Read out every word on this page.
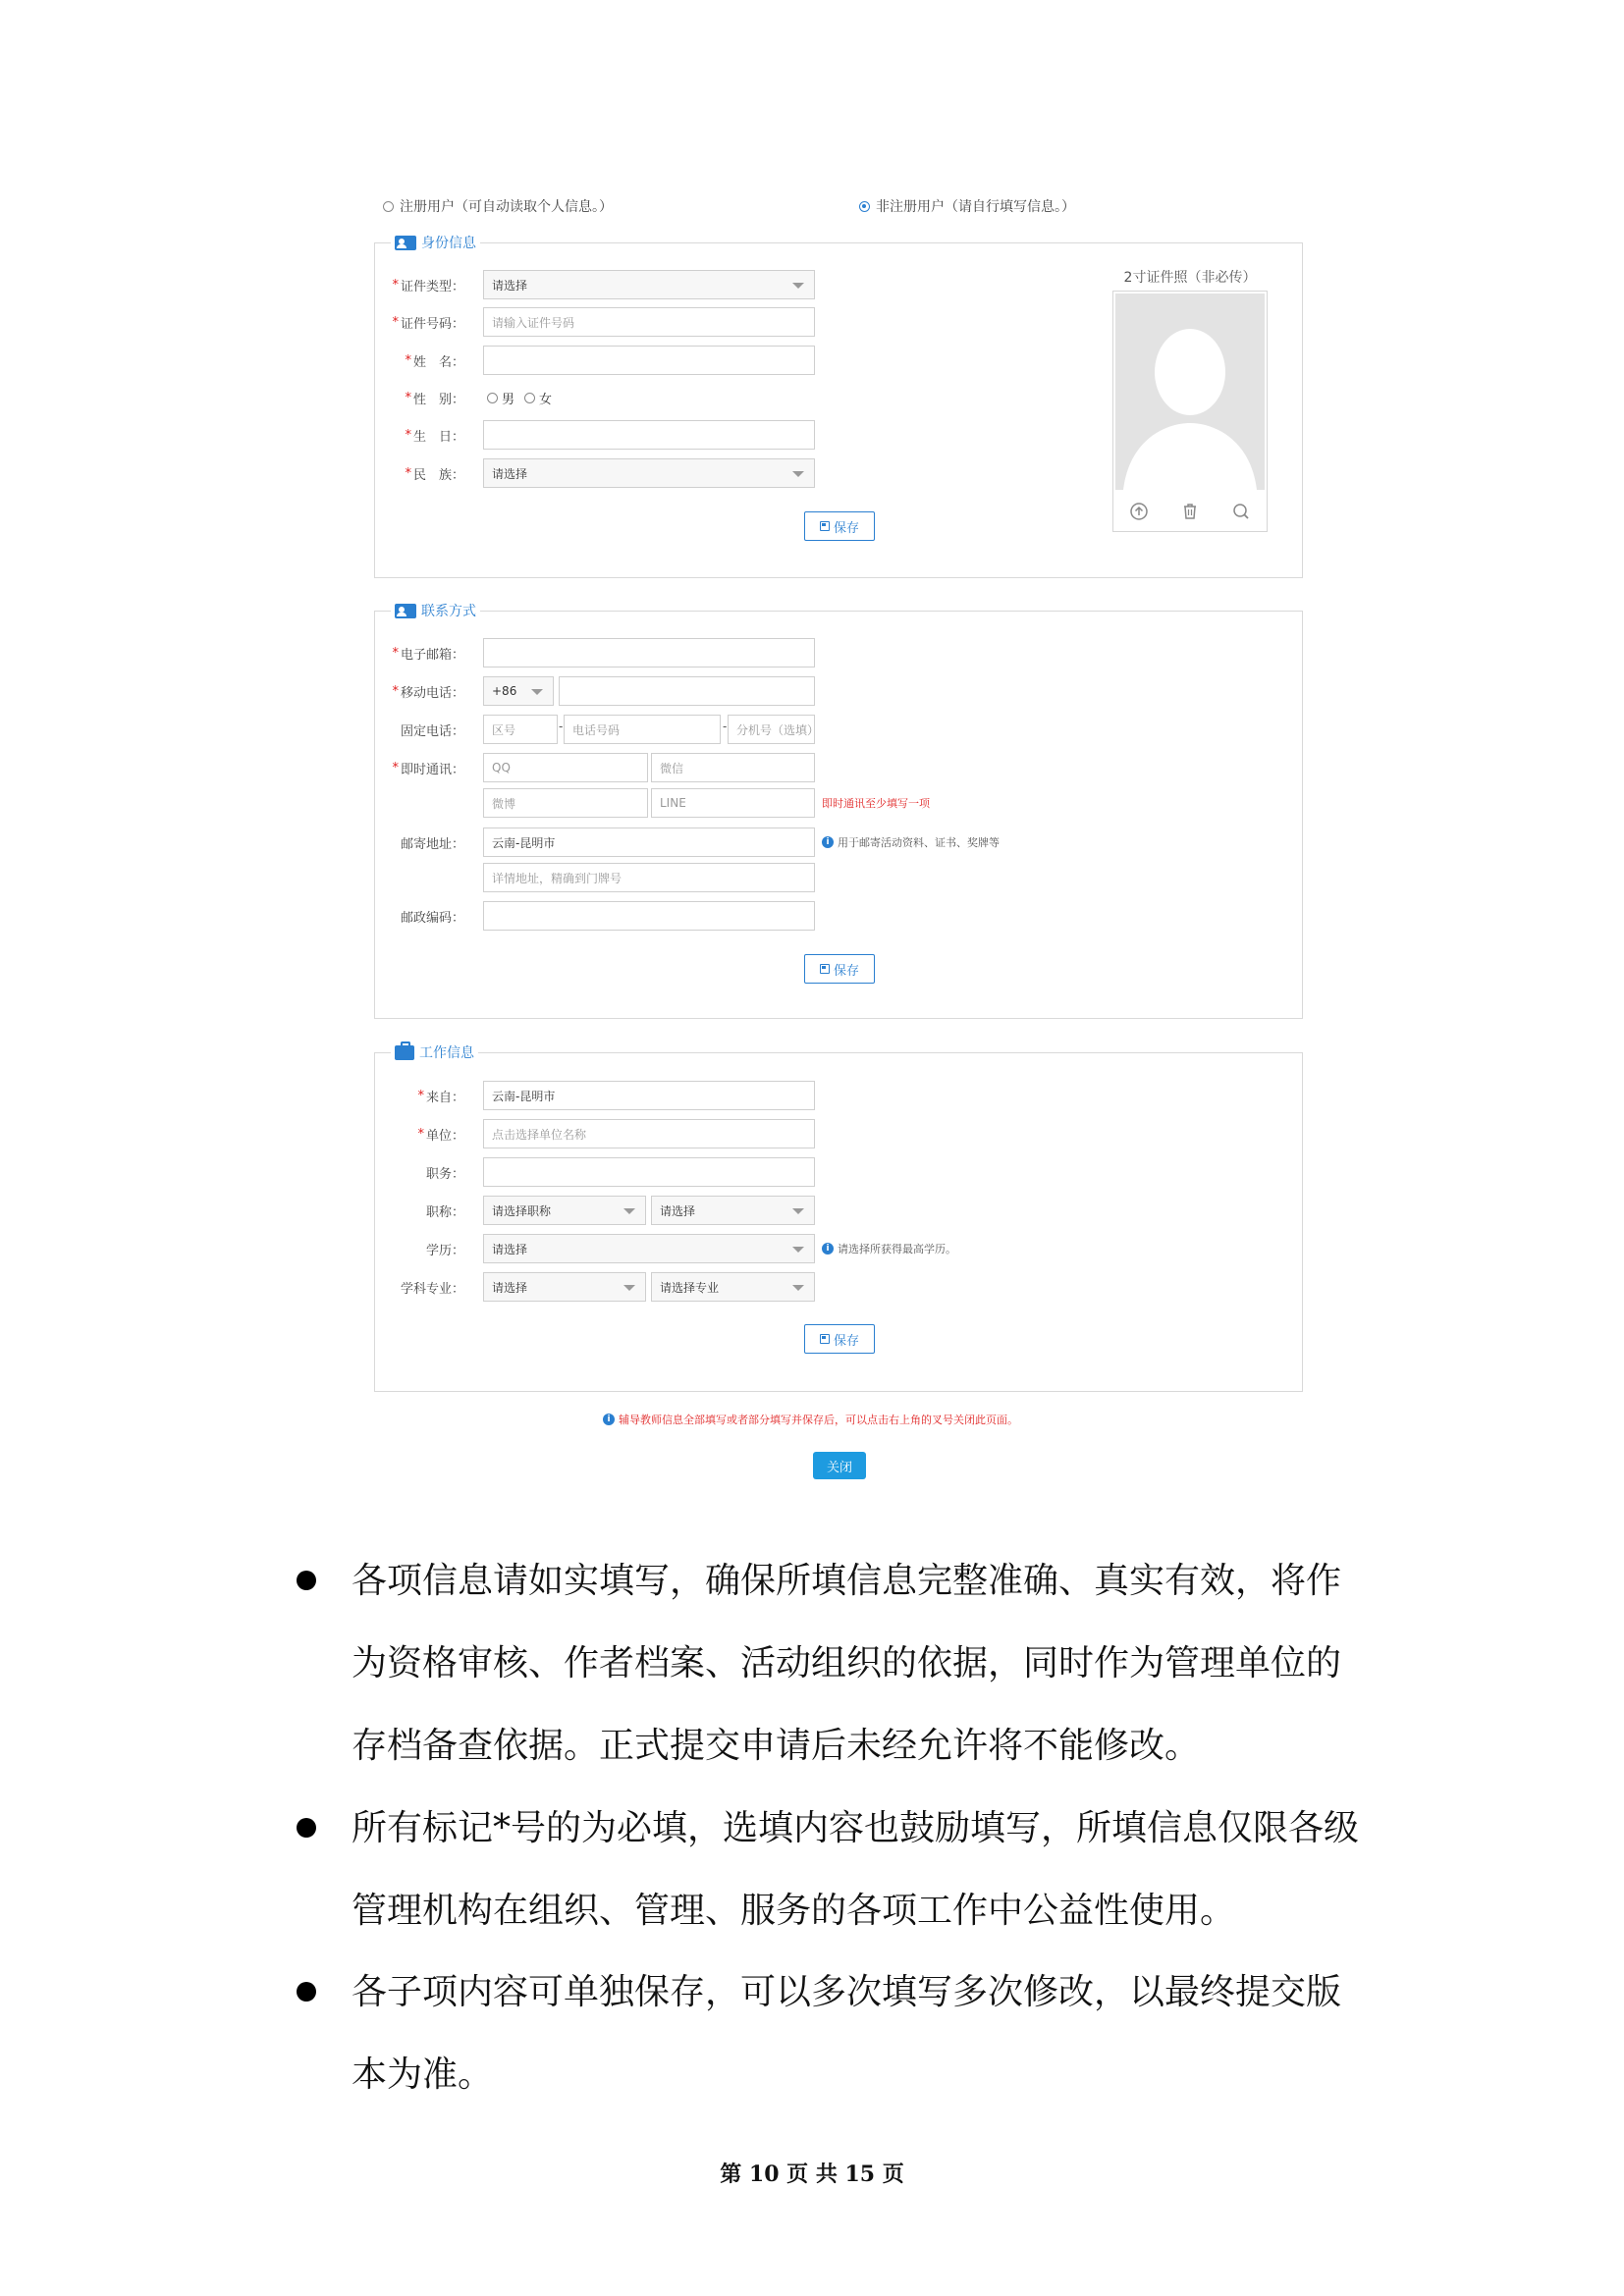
注册用户（可自动读取个人信息。）	非注册用户（请自行填写信息。）
身份信息
* 证件类型：	请选择
* 证件号码：	请输入证件号码
* 姓　名：
* 性　别：	男 女
* 生　日：
* 民　族：	请选择
保存
2寸证件照（非必传）
联系方式
* 电子邮箱：
* 移动电话：	+86
固定电话：	区号	- 电话号码	- 分机号（选填）
* 即时通讯：	QQ	微信
微博	LINE	即时通讯至少填写一项
邮寄地址：	云南-昆明市	i 用于邮寄活动资料、证书、奖牌等
详情地址，精确到门牌号
邮政编码：
保存
工作信息
* 来自：	云南-昆明市
* 单位：	点击选择单位名称
职务：
职称：	请选择职称	请选择
学历：	请选择	i 请选择所获得最高学历。
学科专业：	请选择	请选择专业
保存
i 辅导教师信息全部填写或者部分填写并保存后，可以点击右上角的叉号关闭此页面。
关闭
各项信息请如实填写，确保所填信息完整准确、真实有效，将作
为资格审核、作者档案、活动组织的依据，同时作为管理单位的
存档备查依据。正式提交申请后未经允许将不能修改。
所有标记*号的为必填，选填内容也鼓励填写，所填信息仅限各级
管理机构在组织、管理、服务的各项工作中公益性使用。
各子项内容可单独保存，可以多次填写多次修改，以最终提交版
本为准。
第 10 页 共 15 页
